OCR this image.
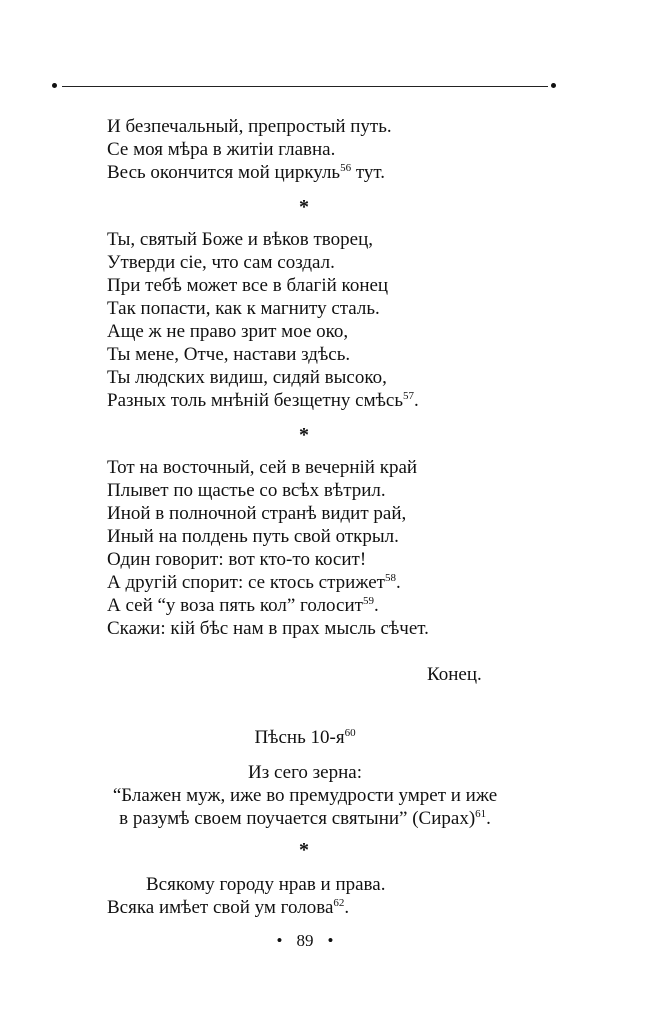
И безпечальный, препростый путь.
Се моя мѣра в житіи главна.
Весь окончится мой циркуль$^{56}$ тут.
*
Ты, святый Боже и вѣков творец,
Утверди сіе, что сам создал.
При тебѣ может все в благій конец
Так попасти, как к магниту сталь.
Аще ж не право зрит мое око,
Ты мене, Отче, настави здѣсь.
Ты людских видиш, сидяй высоко,
Разных толь мнѣній безщетну смѣсь$^{57}$.
*
Тот на восточный, сей в вечерній край
Плывет по щастье со всѣх вѣтрил.
Иной в полночной странѣ видит рай,
Иный на полдень путь свой открыл.
Один говорит: вот кто-то косит!
А другій спорит: се ктось стрижет$^{58}$.
А сей “у воза пять кол” голосит$^{59}$.
Скажи: кій бѣс нам в прах мысль сѣчет.
Конец.
Пѣснь $10-я^{60}$
Из сего зерна:
“Блажен муж, иже во премудрости умрет и иже
в разумѣ своем поучается святыни” (Сирах)$^{61}$.
*
Всякому городу нрав и права.
Всяка имѣет свой ум голова$^{62}$.
• 89 •
